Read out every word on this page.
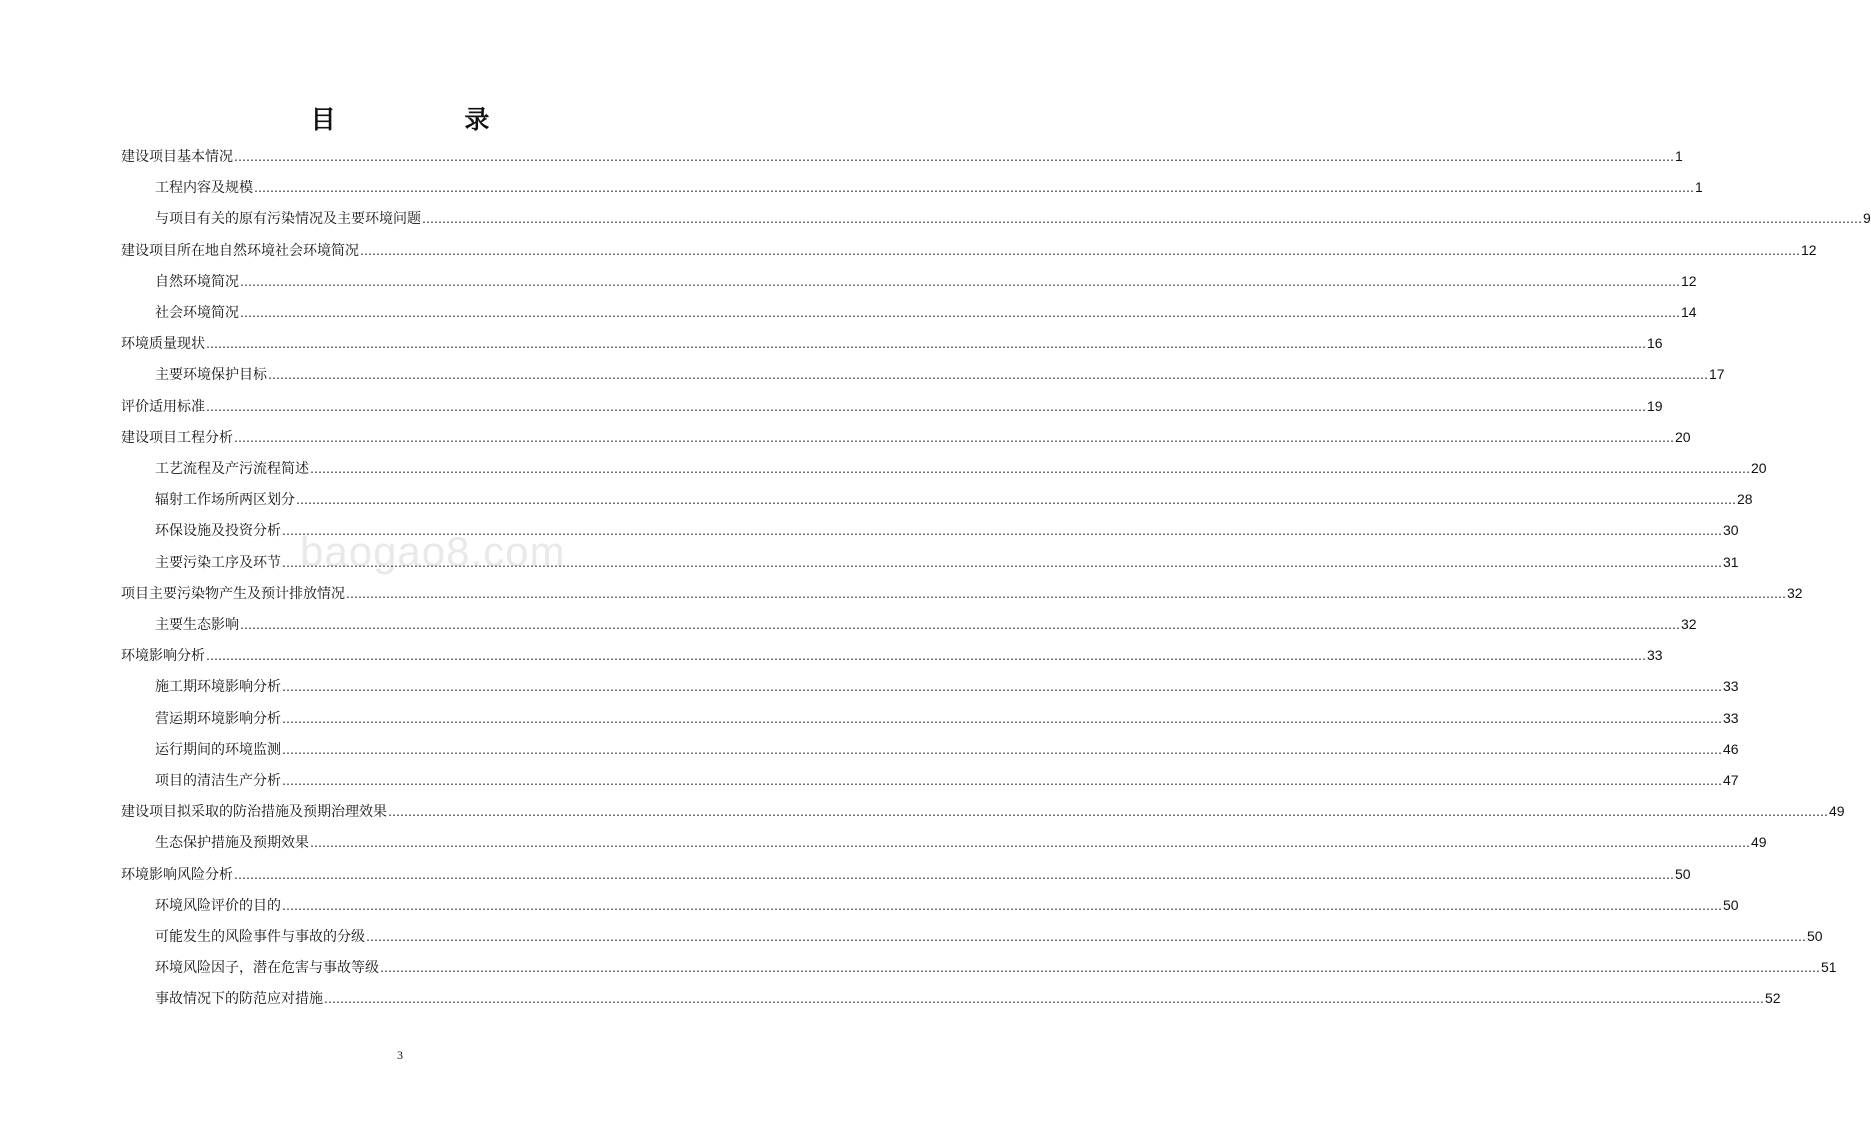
目 录
baogao8.com
建设项目基本情况 ……………………………………………………………………………………………………………………………………………………………………………………………………………………………………………………………………………………………………………………………… 1
工程内容及规模 ……………………………………………………………………………………………………………………………………………………………………………………………………………………………………………………………………………………………………………………………… 1
与项目有关的原有污染情况及主要环境问题 ……………………………………………………………………………………………………………………………………………………………………………………………………………………………………………………………………………………………………………………………… 9
建设项目所在地自然环境社会环境简况 ……………………………………………………………………………………………………………………………………………………………………………………………………………………………………………………………………………………………………………………………… 12
自然环境简况 ……………………………………………………………………………………………………………………………………………………………………………………………………………………………………………………………………………………………………………………………… 12
社会环境简况 ……………………………………………………………………………………………………………………………………………………………………………………………………………………………………………………………………………………………………………………………… 14
环境质量现状 ……………………………………………………………………………………………………………………………………………………………………………………………………………………………………………………………………………………………………………………………… 16
主要环境保护目标 ……………………………………………………………………………………………………………………………………………………………………………………………………………………………………………………………………………………………………………………………… 17
评价适用标准 ……………………………………………………………………………………………………………………………………………………………………………………………………………………………………………………………………………………………………………………………… 19
建设项目工程分析 ……………………………………………………………………………………………………………………………………………………………………………………………………………………………………………………………………………………………………………………………… 20
工艺流程及产污流程简述 ……………………………………………………………………………………………………………………………………………………………………………………………………………………………………………………………………………………………………………………………… 20
辐射工作场所两区划分 ……………………………………………………………………………………………………………………………………………………………………………………………………………………………………………………………………………………………………………………………… 28
环保设施及投资分析 ……………………………………………………………………………………………………………………………………………………………………………………………………………………………………………………………………………………………………………………………… 30
主要污染工序及环节 ……………………………………………………………………………………………………………………………………………………………………………………………………………………………………………………………………………………………………………………………… 31
项目主要污染物产生及预计排放情况 ……………………………………………………………………………………………………………………………………………………………………………………………………………………………………………………………………………………………………………………………… 32
主要生态影响 ……………………………………………………………………………………………………………………………………………………………………………………………………………………………………………………………………………………………………………………………… 32
环境影响分析 ……………………………………………………………………………………………………………………………………………………………………………………………………………………………………………………………………………………………………………………………… 33
施工期环境影响分析 ……………………………………………………………………………………………………………………………………………………………………………………………………………………………………………………………………………………………………………………………… 33
营运期环境影响分析 ……………………………………………………………………………………………………………………………………………………………………………………………………………………………………………………………………………………………………………………………… 33
运行期间的环境监测 ……………………………………………………………………………………………………………………………………………………………………………………………………………………………………………………………………………………………………………………………… 46
项目的清洁生产分析 ……………………………………………………………………………………………………………………………………………………………………………………………………………………………………………………………………………………………………………………………… 47
建设项目拟采取的防治措施及预期治理效果 ……………………………………………………………………………………………………………………………………………………………………………………………………………………………………………………………………………………………………………………………… 49
生态保护措施及预期效果 ……………………………………………………………………………………………………………………………………………………………………………………………………………………………………………………………………………………………………………………………… 49
环境影响风险分析 ……………………………………………………………………………………………………………………………………………………………………………………………………………………………………………………………………………………………………………………………… 50
环境风险评价的目的 ……………………………………………………………………………………………………………………………………………………………………………………………………………………………………………………………………………………………………………………………… 50
可能发生的风险事件与事故的分级 ……………………………………………………………………………………………………………………………………………………………………………………………………………………………………………………………………………………………………………………………… 50
环境风险因子，潜在危害与事故等级 ……………………………………………………………………………………………………………………………………………………………………………………………………………………………………………………………………………………………………………………………… 51
事故情况下的防范应对措施 ……………………………………………………………………………………………………………………………………………………………………………………………………………………………………………………………………………………………………………………………… 52
3
